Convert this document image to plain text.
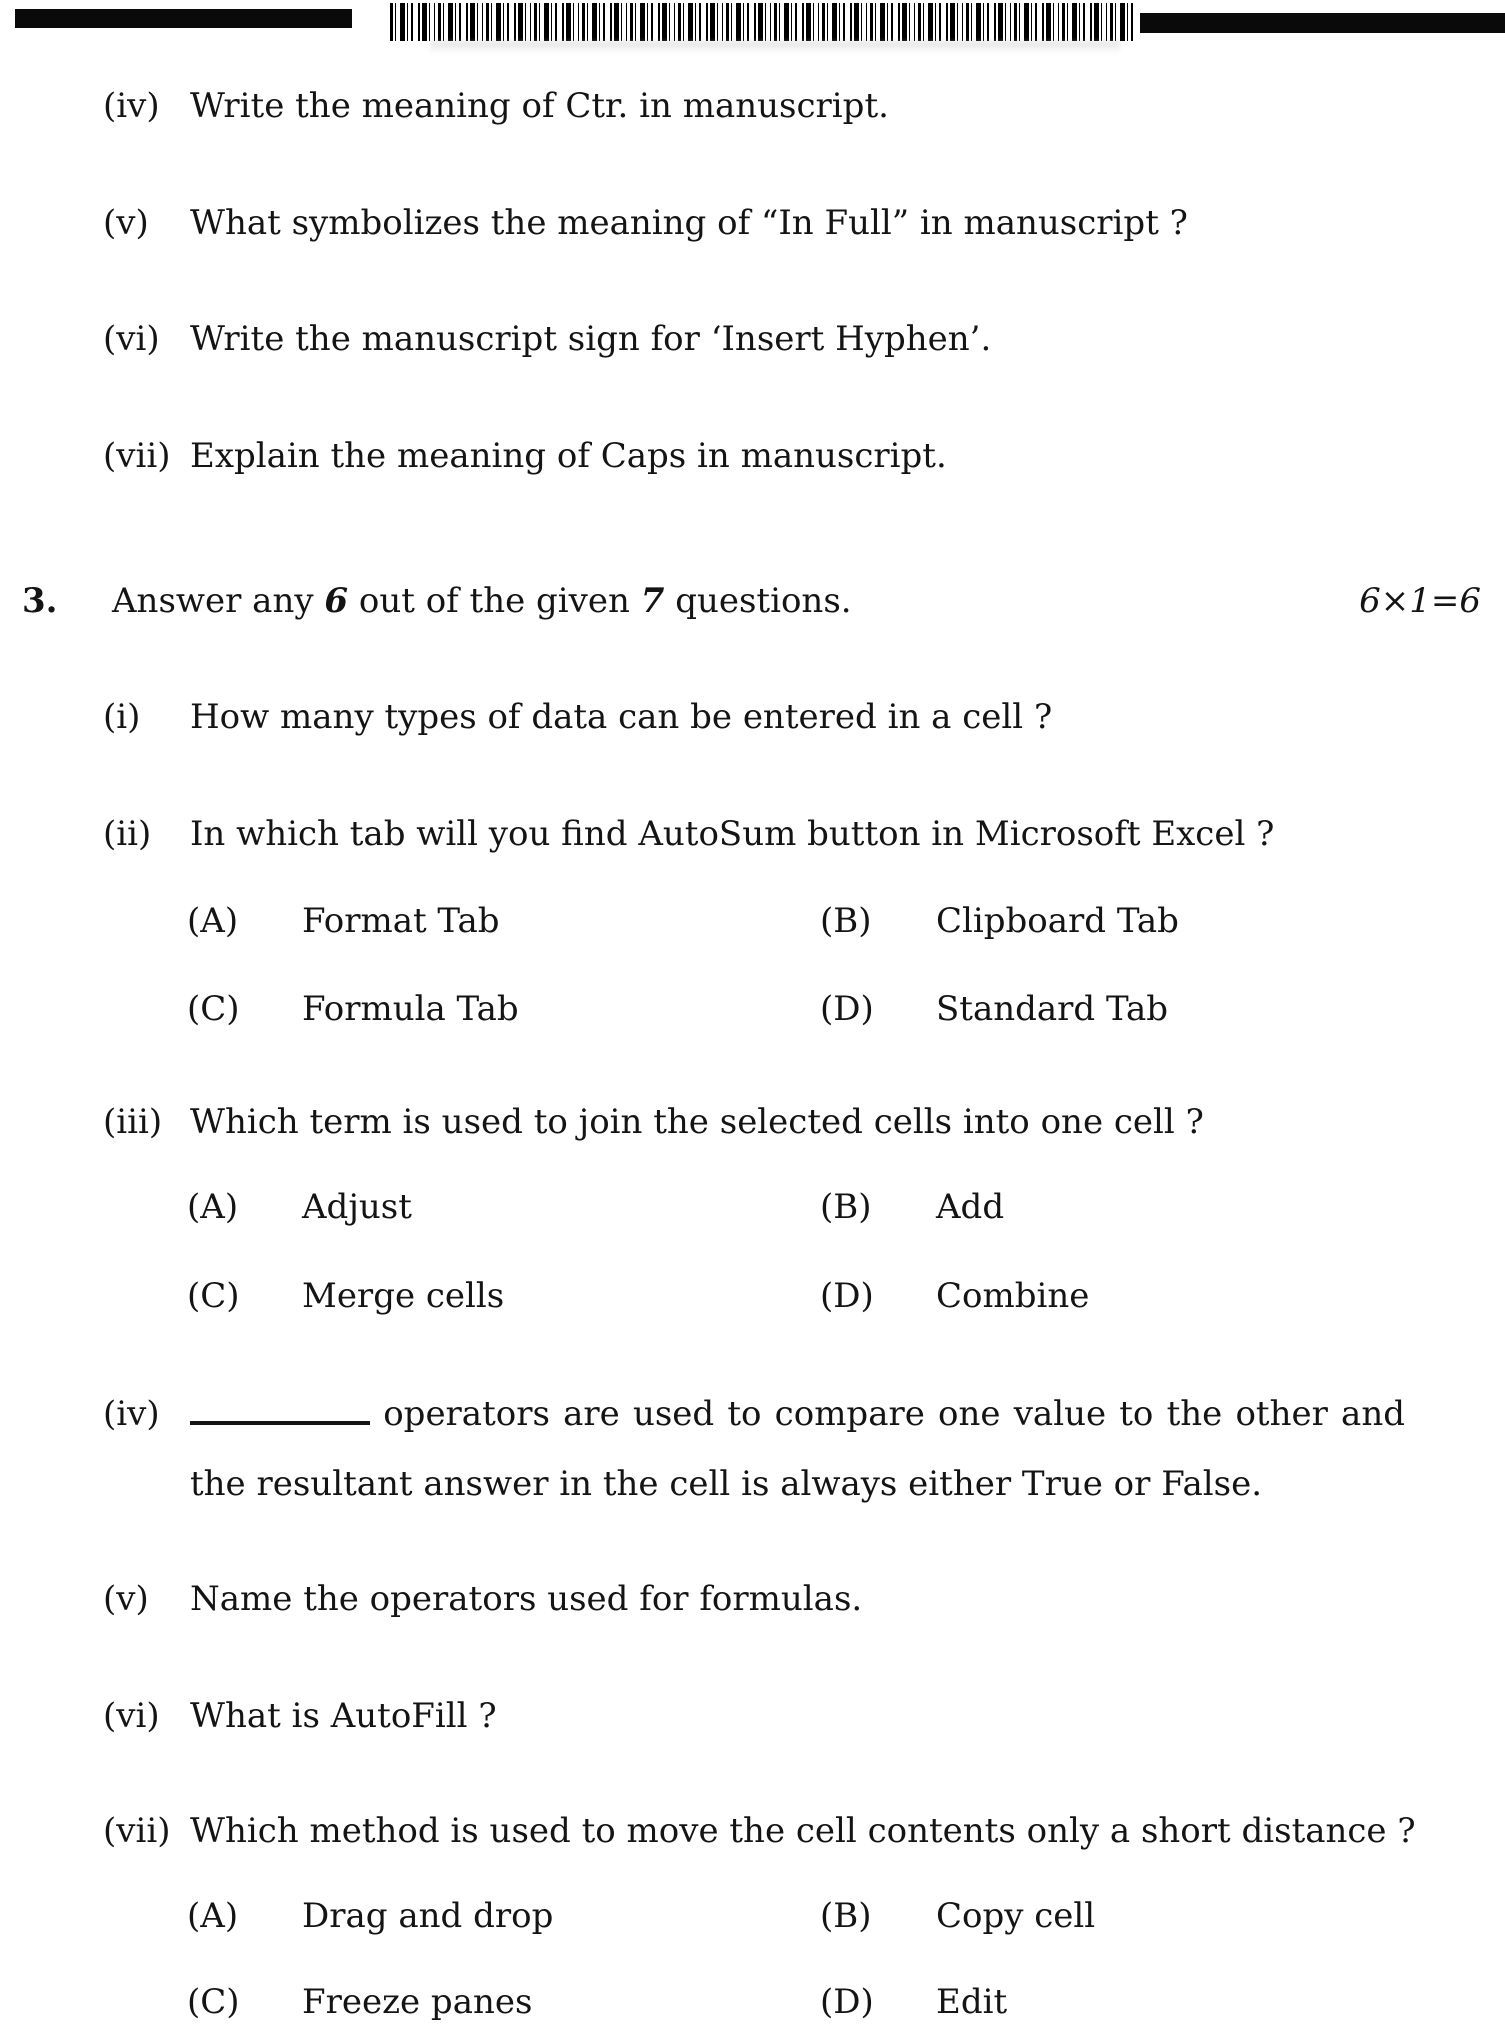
(iv) Write the meaning of Ctr. in manuscript.
(v) What symbolizes the meaning of “In Full” in manuscript ?
(vi) Write the manuscript sign for ‘Insert Hyphen’.
(vii) Explain the meaning of Caps in manuscript.
3. Answer any 6 out of the given 7 questions.	6×1=6
(i) How many types of data can be entered in a cell ?
(ii) In which tab will you find AutoSum button in Microsoft Excel ?
(A) Format Tab	(B) Clipboard Tab
(C) Formula Tab	(D) Standard Tab
(iii) Which term is used to join the selected cells into one cell ?
(A) Adjust	(B) Add
(C) Merge cells	(D) Combine
(iv)	operators are used to compare one value to the other and
the resultant answer in the cell is always either True or False.
(v) Name the operators used for formulas.
(vi) What is AutoFill ?
(vii) Which method is used to move the cell contents only a short distance ?
(A) Drag and drop	(B) Copy cell
(C) Freeze panes	(D) Edit
